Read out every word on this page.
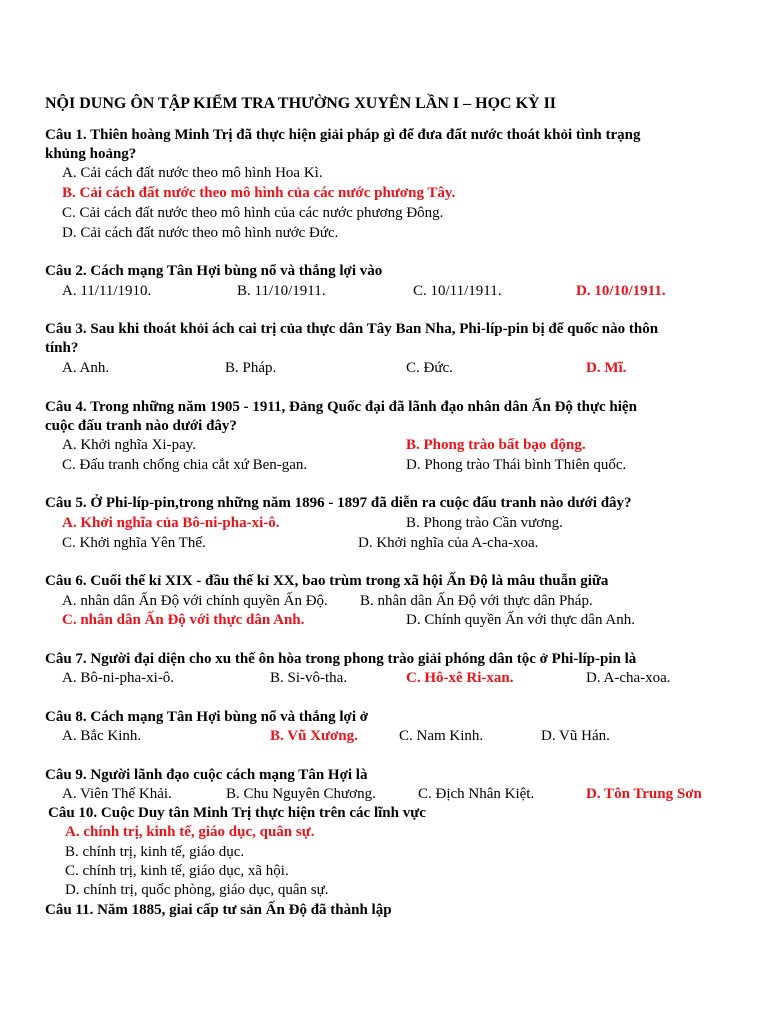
NỘI DUNG ÔN TẬP KIỂM TRA THƯỜNG XUYÊN LẦN I – HỌC KỲ II
Câu 1. Thiên hoàng Minh Trị đã thực hiện giải pháp gì để đưa đất nước thoát khỏi tình trạng
khủng hoảng?
A. Cải cách đất nước theo mô hình Hoa Kì.
B. Cải cách đất nước theo mô hình của các nước phương Tây.
C. Cải cách đất nước theo mô hình của các nước phương Đông.
D. Cải cách đất nước theo mô hình nước Đức.
Câu 2. Cách mạng Tân Hợi bùng nổ và thắng lợi vào
A. 11/11/1910.	B. 11/10/1911.	C. 10/11/1911.	D. 10/10/1911.
Câu 3. Sau khi thoát khỏi ách cai trị của thực dân Tây Ban Nha, Phi-líp-pin bị đế quốc nào thôn
tính?
A. Anh.	B. Pháp.	C. Đức.	D. Mĩ.
Câu 4. Trong những năm 1905 - 1911, Đảng Quốc đại đã lãnh đạo nhân dân Ấn Độ thực hiện
cuộc đấu tranh nào dưới đây?
A. Khởi nghĩa Xi-pay.	B. Phong trào bất bạo động.
C. Đấu tranh chống chia cắt xứ Ben-gan.	D. Phong trào Thái bình Thiên quốc.
Câu 5. Ở Phi-líp-pin,trong những năm 1896 - 1897 đã diễn ra cuộc đấu tranh nào dưới đây?
A. Khởi nghĩa của Bô-ni-pha-xi-ô.	B. Phong trào Cần vương.
C. Khởi nghĩa Yên Thế.	D. Khởi nghĩa của A-cha-xoa.
Câu 6. Cuối thế kỉ XIX - đầu thế kỉ XX, bao trùm trong xã hội Ấn Độ là mâu thuẫn giữa
A. nhân dân Ấn Độ với chính quyền Ấn Độ. B. nhân dân Ấn Độ với thực dân Pháp.
C. nhân dân Ấn Độ với thực dân Anh.	D. Chính quyền Ấn với thực dân Anh.
Câu 7. Người đại diện cho xu thế ôn hòa trong phong trào giải phóng dân tộc ở Phi-líp-pin là
A. Bô-ni-pha-xi-ô.	B. Si-vô-tha.	C. Hô-xê Ri-xan.	D. A-cha-xoa.
Câu 8. Cách mạng Tân Hợi bùng nổ và thắng lợi ở
A. Bắc Kinh.	B. Vũ Xương.	C. Nam Kinh.	D. Vũ Hán.
Câu 9. Người lãnh đạo cuộc cách mạng Tân Hợi là
A. Viên Thế Khải.	B. Chu Nguyên Chương.	C. Địch Nhân Kiệt.	D. Tôn Trung Sơn
Câu 10. Cuộc Duy tân Minh Trị thực hiện trên các lĩnh vực
A. chính trị, kinh tế, giáo dục, quân sự.
B. chính trị, kinh tế, giáo dục.
C. chính trị, kinh tế, giáo dục, xã hội.
D. chính trị, quốc phòng, giáo dục, quân sự.
Câu 11. Năm 1885, giai cấp tư sản Ấn Độ đã thành lập
